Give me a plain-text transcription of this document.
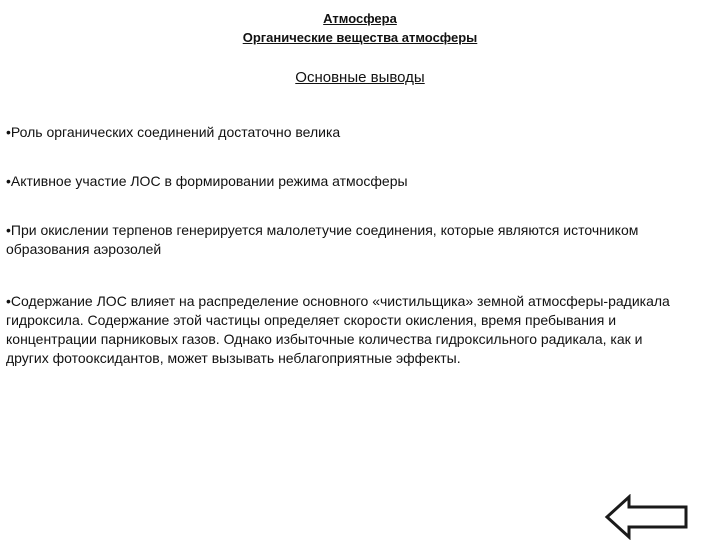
Атмосфера
Органические вещества атмосферы
Основные выводы

•Роль органических соединений достаточно велика

•Активное участие ЛОС в формировании режима атмосферы

•При окислении терпенов генерируется малолетучие соединения, которые являются источником образования аэрозолей

•Содержание ЛОС влияет на распределение основного «чистильщика» земной атмосферы-радикала гидроксила. Содержание этой частицы определяет скорости окисления, время пребывания и концентрации парниковых газов. Однако избыточные количества гидроксильного радикала, как и других фотооксидантов, может вызывать неблагоприятные эффекты.
